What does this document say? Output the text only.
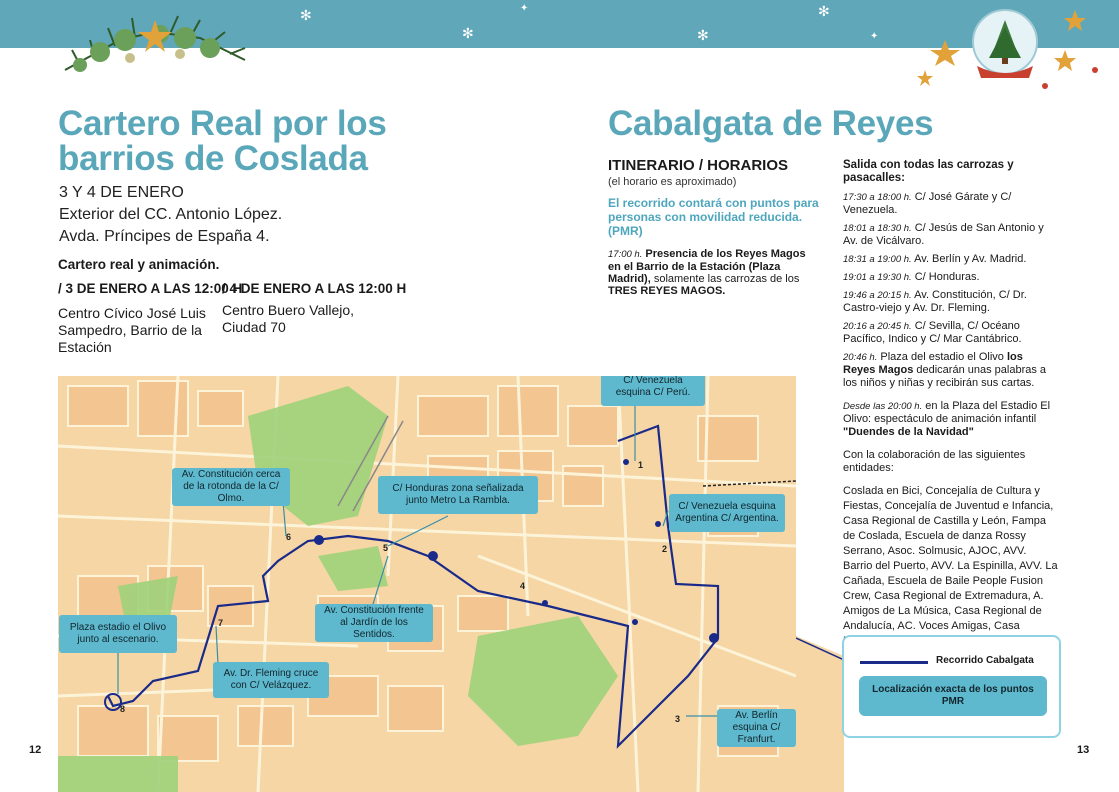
✻
✻
✦
✻
✻
✦
Cartero Real por los
barrios de Coslada
3 Y 4 DE ENERO
Exterior del CC. Antonio López.
Avda. Príncipes de España 4.
Cartero real y animación.
/ 3 DE ENERO A LAS 12:00 H
/ 4 DE ENERO A LAS 12:00 H
Centro Cívico José Luis
Sampedro, Barrio de la
Estación
Centro Buero Vallejo,
Ciudad 70
Cabalgata de Reyes
ITINERARIO / HORARIOS
(el horario es aproximado)
El recorrido contará con puntos para personas con movilidad reducida. (PMR)
17:00 h. Presencia de los Reyes Magos en el Barrio de la Estación (Plaza Madrid), solamente las carrozas de los TRES REYES MAGOS.
Salida con todas las carrozas y pasacalles:
17:30 a 18:00 h. C/ José Gárate y C/ Venezuela.
18:01 a 18:30 h. C/ Jesús de San Antonio y Av. de Vicálvaro.
18:31 a 19:00 h. Av. Berlín y Av. Madrid.
19:01 a 19:30 h. C/ Honduras.
19:46 a 20:15 h. Av. Constitución, C/ Dr. Castro-viejo y Av. Dr. Fleming.
20:16 a 20:45 h. C/ Sevilla, C/ Océano Pacífico, Indico y C/ Mar Cantábrico.
20:46 h. Plaza del estadio el Olivo los Reyes Magos dedicarán unas palabras a los niños y niñas y recibirán sus cartas.
Desde las 20:00 h. en la Plaza del Estadio El Olivo: espectáculo de animación infantil "Duendes de la Navidad"
Con la colaboración de las siguientes entidades:
Coslada en Bici, Concejalía de Cultura y Fiestas, Concejalía de Juventud e Infancia, Casa Regional de Castilla y León, Fampa de Coslada, Escuela de danza Rossy Serrano, Asoc. Solmusic, AJOC, AVV. Barrio del Puerto, AVV. La Espinilla, AVV. La Cañada, Escuela de Baile People Fusion Crew, Casa Regional de Extremadura, A. Amigos de La Música, Casa Regional de Andalucía, AC. Voces Amigas, Casa
1
2
3
4
5
6
7
8
C/ Venezuela esquina C/ Perú.
Av. Constitución cerca de la rotonda de la C/ Olmo.
C/ Honduras zona señalizada junto Metro La Rambla.
C/ Venezuela esquina Argentina C/ Argentina.
Plaza estadio el Olivo junto al escenario.
Av. Constitución frente al Jardín de los Sentidos.
Av. Dr. Fleming cruce con C/ Velázquez.
Av. Berlín esquina C/ Franfurt.
Recorrido Cabalgata
Localización exacta de los puntos PMR
12	13
